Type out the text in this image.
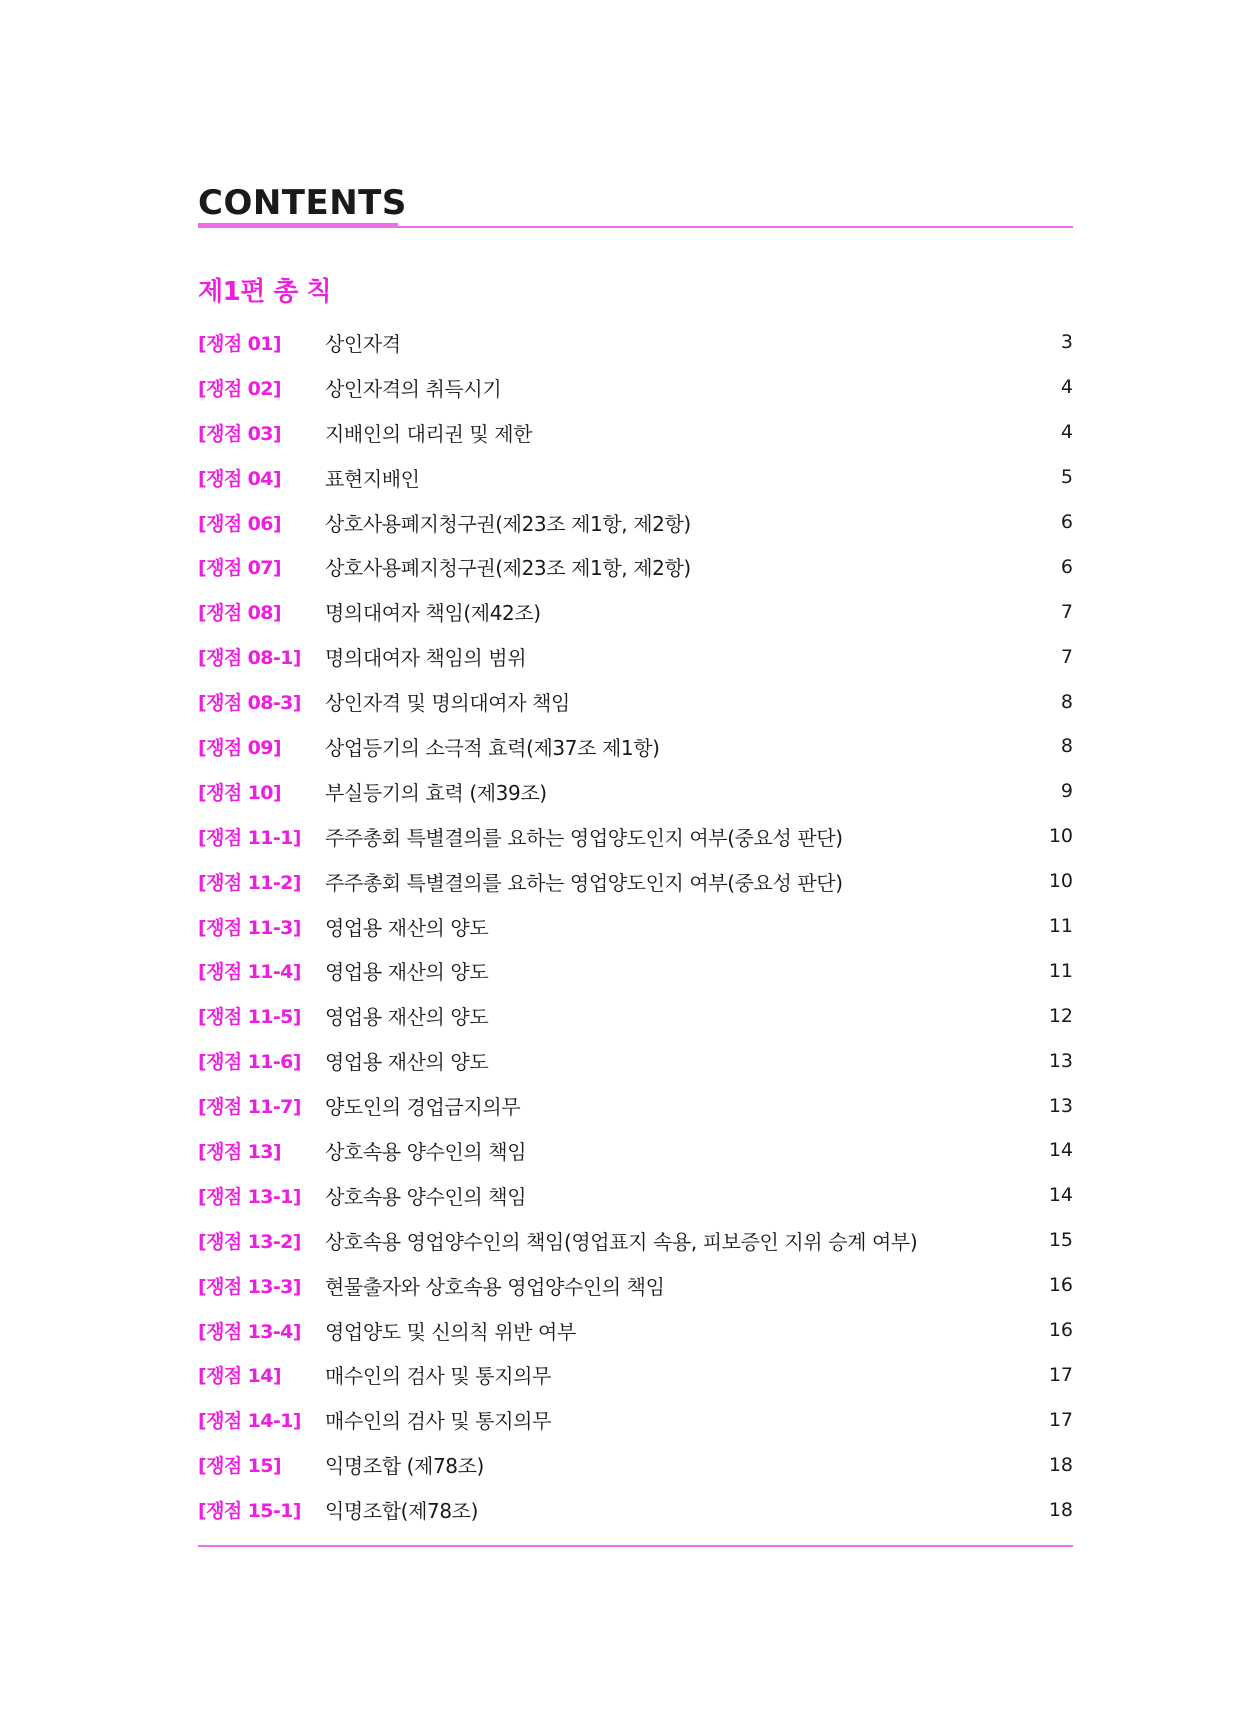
CONTENTS
제1편 총 칙
[쟁점 01]	상인자격	3
[쟁점 02]	상인자격의 취득시기	4
[쟁점 03]	지배인의 대리권 및 제한	4
[쟁점 04]	표현지배인	5
[쟁점 06]	상호사용폐지청구권(제23조 제1항, 제2항)	6
[쟁점 07]	상호사용폐지청구권(제23조 제1항, 제2항)	6
[쟁점 08]	명의대여자 책임(제42조)	7
[쟁점 08-1]	명의대여자 책임의 범위	7
[쟁점 08-3]	상인자격 및 명의대여자 책임	8
[쟁점 09]	상업등기의 소극적 효력(제37조 제1항)	8
[쟁점 10]	부실등기의 효력 (제39조)	9
[쟁점 11-1]	주주총회 특별결의를 요하는 영업양도인지 여부(중요성 판단)	10
[쟁점 11-2]	주주총회 특별결의를 요하는 영업양도인지 여부(중요성 판단)	10
[쟁점 11-3]	영업용 재산의 양도	11
[쟁점 11-4]	영업용 재산의 양도	11
[쟁점 11-5]	영업용 재산의 양도	12
[쟁점 11-6]	영업용 재산의 양도	13
[쟁점 11-7]	양도인의 경업금지의무	13
[쟁점 13]	상호속용 양수인의 책임	14
[쟁점 13-1]	상호속용 양수인의 책임	14
[쟁점 13-2]	상호속용 영업양수인의 책임(영업표지 속용, 피보증인 지위 승계 여부)	15
[쟁점 13-3]	현물출자와 상호속용 영업양수인의 책임	16
[쟁점 13-4]	영업양도 및 신의칙 위반 여부	16
[쟁점 14]	매수인의 검사 및 통지의무	17
[쟁점 14-1]	매수인의 검사 및 통지의무	17
[쟁점 15]	익명조합 (제78조)	18
[쟁점 15-1]	익명조합(제78조)	18
